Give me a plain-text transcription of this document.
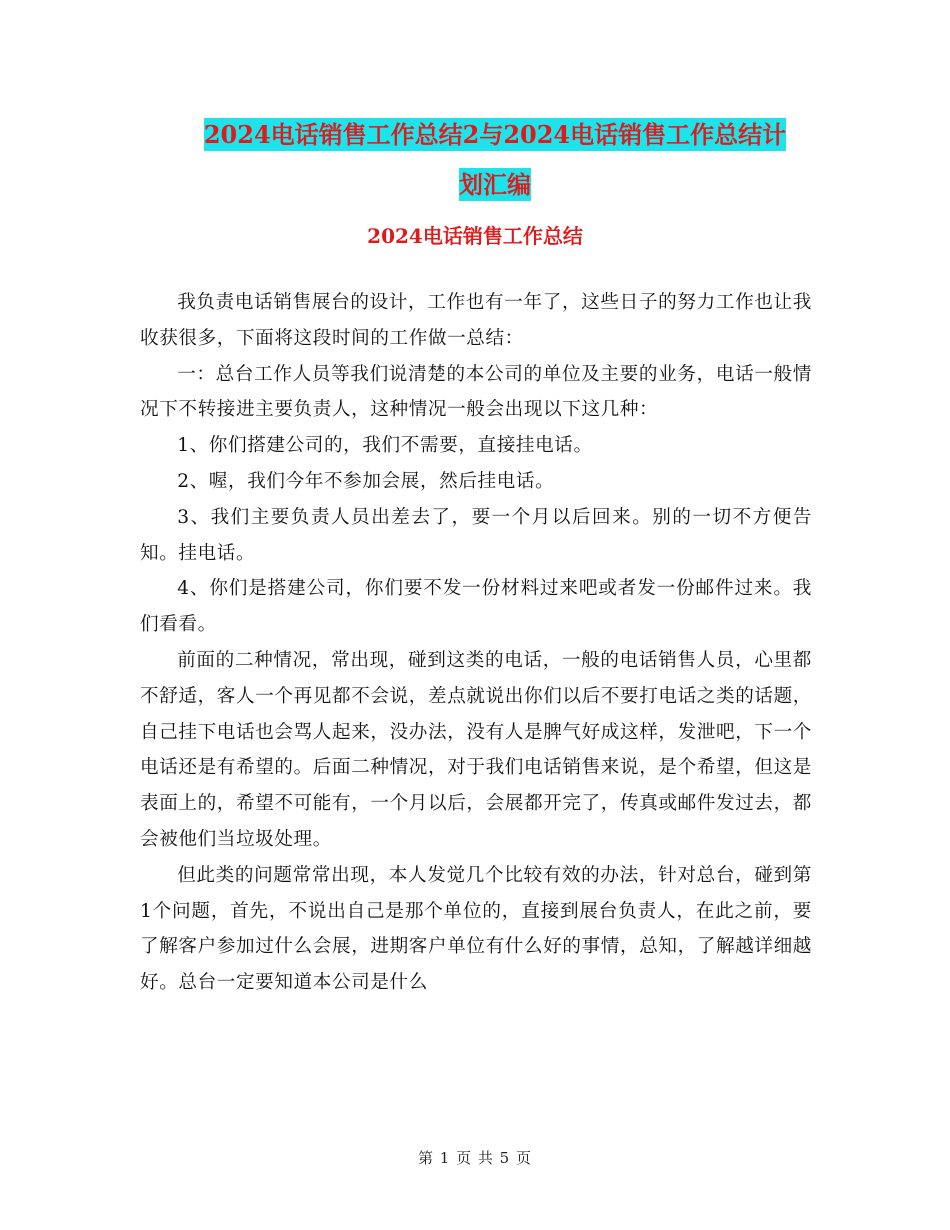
2024电话销售工作总结2与2024电话销售工作总结计
划汇编
2024电话销售工作总结

我负责电话销售展台的设计，工作也有一年了，这些日子的努力工作也让我收获很多，下面将这段时间的工作做一总结：

一：总台工作人员等我们说清楚的本公司的单位及主要的业务，电话一般情况下不转接进主要负责人，这种情况一般会出现以下这几种：

1、你们搭建公司的，我们不需要，直接挂电话。

2、喔，我们今年不参加会展，然后挂电话。

3、我们主要负责人员出差去了，要一个月以后回来。别的一切不方便告知。挂电话。

4、你们是搭建公司，你们要不发一份材料过来吧或者发一份邮件过来。我们看看。

前面的二种情况，常出现，碰到这类的电话，一般的电话销售人员，心里都不舒适，客人一个再见都不会说，差点就说出你们以后不要打电话之类的话题，自己挂下电话也会骂人起来，没办法，没有人是脾气好成这样，发泄吧，下一个电话还是有希望的。后面二种情况，对于我们电话销售来说，是个希望，但这是表面上的，希望不可能有，一个月以后，会展都开完了，传真或邮件发过去，都会被他们当垃圾处理。

但此类的问题常常出现，本人发觉几个比较有效的办法，针对总台，碰到第1个问题，首先，不说出自己是那个单位的，直接到展台负责人，在此之前，要了解客户参加过什么会展，进期客户单位有什么好的事情，总知，了解越详细越好。总台一定要知道本公司是什么

第 1 页 共 5 页
